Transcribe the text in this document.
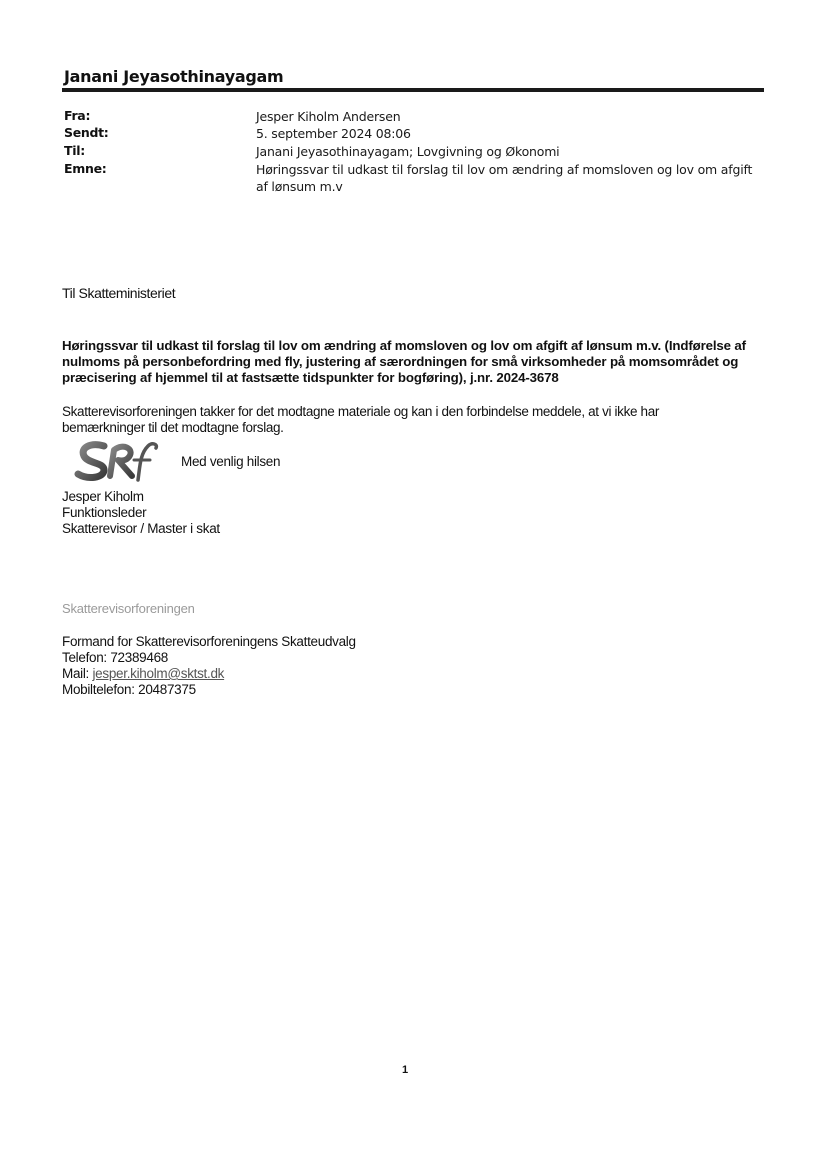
Janani Jeyasothinayagam
Fra:	Jesper Kiholm Andersen
Sendt:	5. september 2024 08:06
Til:	Janani Jeyasothinayagam; Lovgivning og Økonomi
Emne:	Høringssvar til udkast til forslag til lov om ændring af momsloven og lov om afgift af lønsum m.v
Til Skatteministeriet
Høringssvar til udkast til forslag til lov om ændring af momsloven og lov om afgift af lønsum m.v. (Indførelse af nulmoms på personbefordring med fly, justering af særordningen for små virksomheder på momsområdet og præcisering af hjemmel til at fastsætte tidspunkter for bogføring), j.nr. 2024-3678
Skatterevisorforeningen takker for det modtagne materiale og kan i den forbindelse meddele, at vi ikke har bemærkninger til det modtagne forslag.
Med venlig hilsen
Jesper Kiholm
Funktionsleder
Skatterevisor / Master i skat
Skatterevisorforeningen
Formand for Skatterevisorforeningens Skatteudvalg
Telefon: 72389468
Mail: jesper.kiholm@sktst.dk
Mobiltelefon: 20487375
1
